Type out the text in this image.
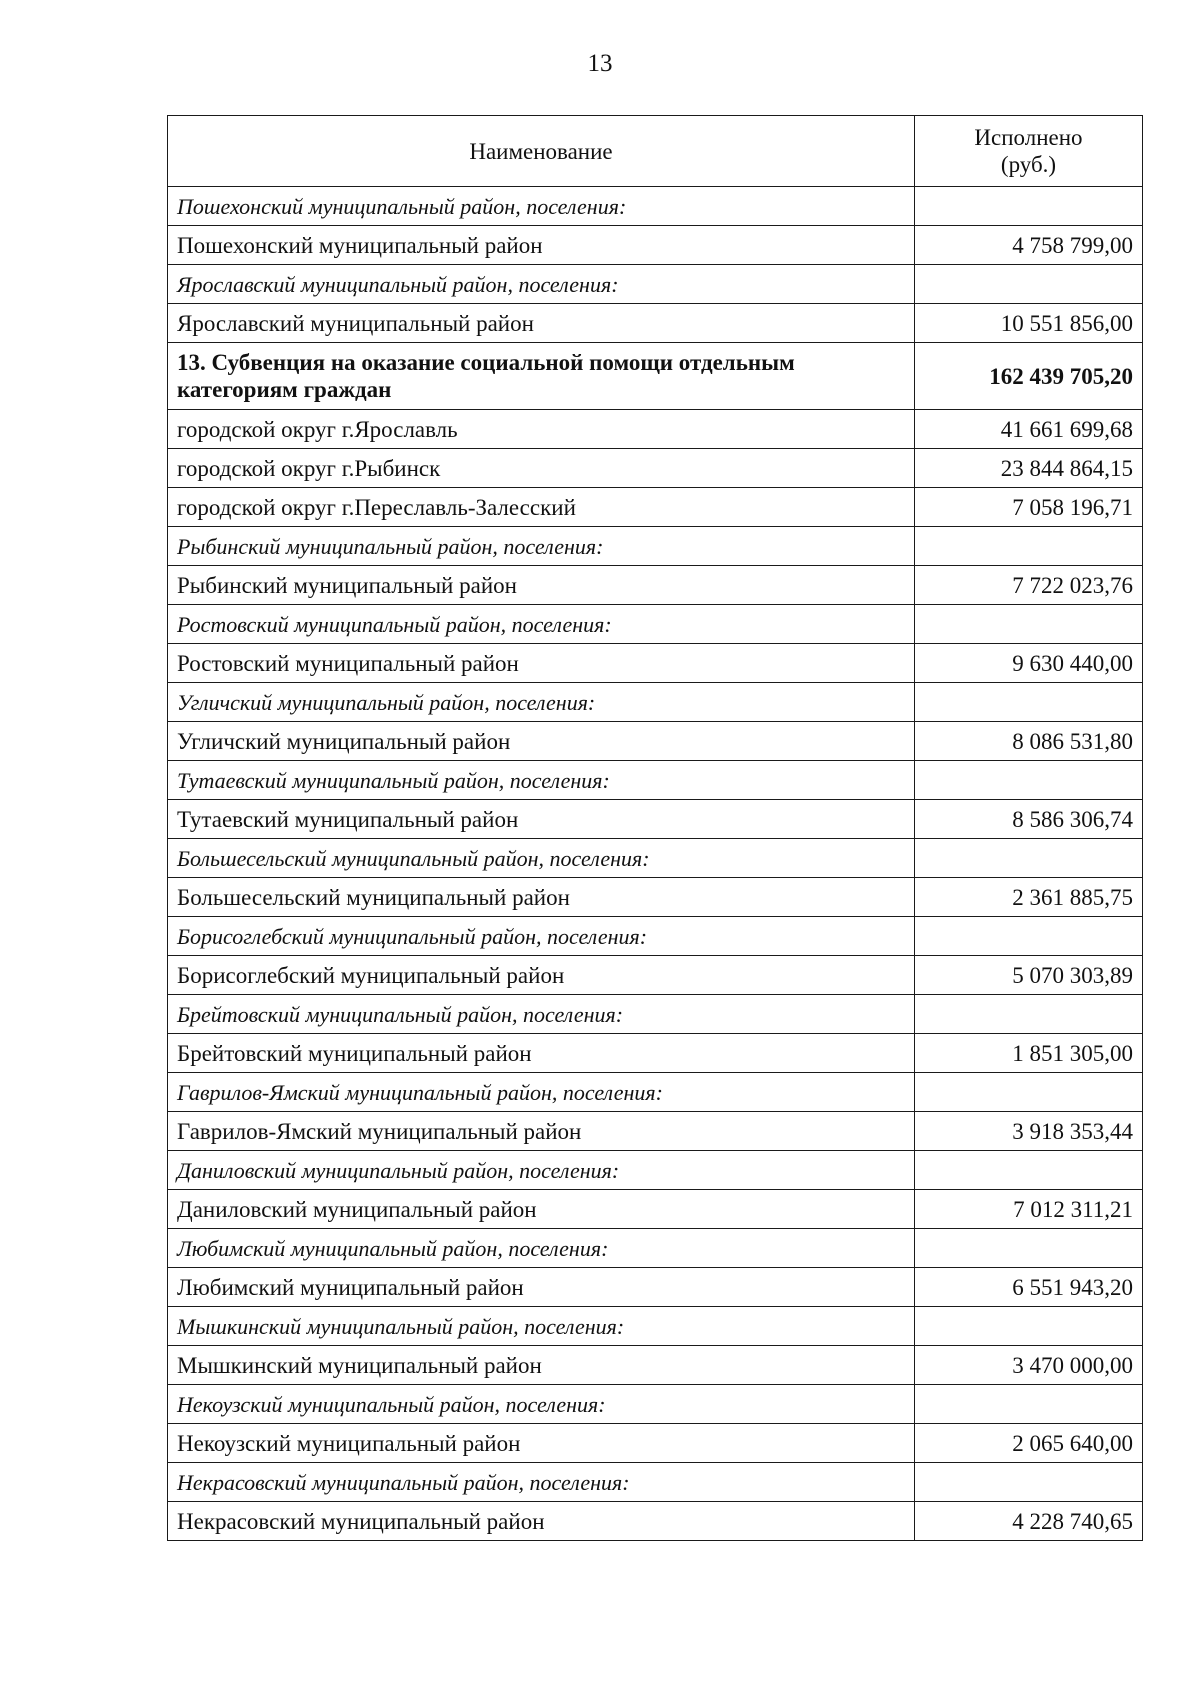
13
Наименование	Исполнено
(руб.)
Пошехонский муниципальный район, поселения:	
Пошехонский муниципальный район	4 758 799,00
Ярославский муниципальный район, поселения:	
Ярославский муниципальный район	10 551 856,00
13. Субвенция на оказание социальной помощи отдельным категориям граждан	162 439 705,20
городской округ г.Ярославль	41 661 699,68
городской округ г.Рыбинск	23 844 864,15
городской округ г.Переславль-Залесский	7 058 196,71
Рыбинский муниципальный район, поселения:	
Рыбинский муниципальный район	7 722 023,76
Ростовский муниципальный район, поселения:	
Ростовский муниципальный район	9 630 440,00
Угличский муниципальный район, поселения:	
Угличский муниципальный район	8 086 531,80
Тутаевский муниципальный район, поселения:	
Тутаевский муниципальный район	8 586 306,74
Большесельский муниципальный район, поселения:	
Большесельский муниципальный район	2 361 885,75
Борисоглебский муниципальный район, поселения:	
Борисоглебский муниципальный район	5 070 303,89
Брейтовский муниципальный район, поселения:	
Брейтовский муниципальный район	1 851 305,00
Гаврилов-Ямский муниципальный район, поселения:	
Гаврилов-Ямский муниципальный район	3 918 353,44
Даниловский муниципальный район, поселения:	
Даниловский муниципальный район	7 012 311,21
Любимский муниципальный район, поселения:	
Любимский муниципальный район	6 551 943,20
Мышкинский муниципальный район, поселения:	
Мышкинский муниципальный район	3 470 000,00
Некоузский муниципальный район, поселения:	
Некоузский муниципальный район	2 065 640,00
Некрасовский муниципальный район, поселения:	
Некрасовский муниципальный район	4 228 740,65
